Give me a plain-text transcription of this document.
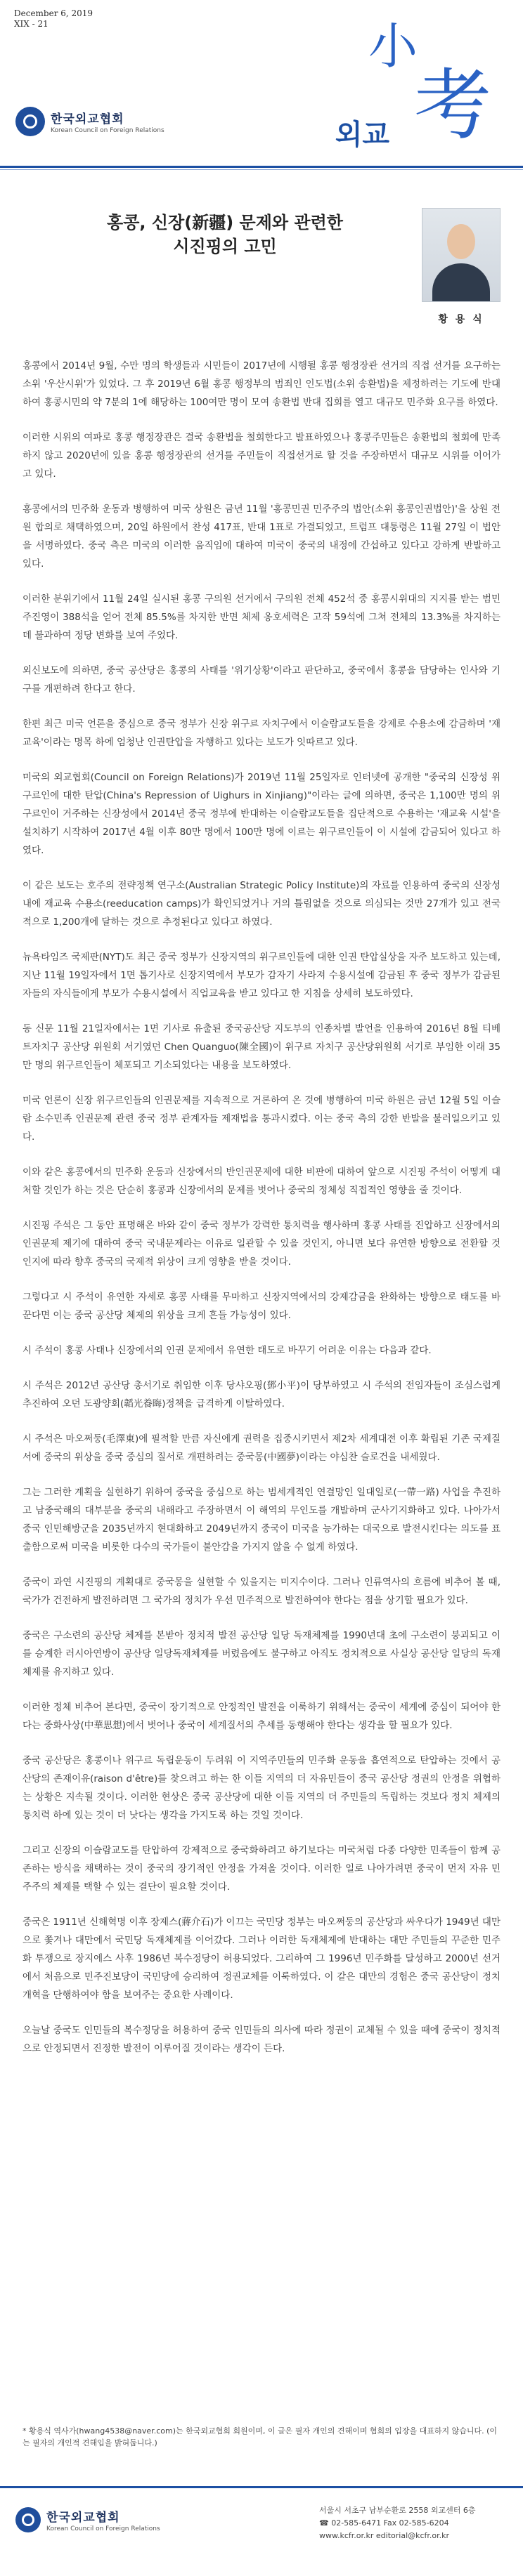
December 6, 2019
XIX - 21
한국외교협회
Korean Council on Foreign Relations
小
考
외교
홍콩, 신장(新疆) 문제와 관련한
시진핑의 고민
황 용 식

홍콩에서 2014년 9월, 수만 명의 학생들과 시민들이 2017년에 시행될 홍콩 행정장관 선거의 직접 선거를 요구하는 소위 '우산시위'가 있었다. 그 후 2019년 6월 홍콩 행정부의 범죄인 인도법(소위 송환법)을 제정하려는 기도에 반대하여 홍콩시민의 약 7분의 1에 해당하는 100여만 명이 모여 송환법 반대 집회를 열고 대규모 민주화 요구를 하였다.

이러한 시위의 여파로 홍콩 행정장관은 결국 송환법을 철회한다고 발표하였으나 홍콩주민들은 송환법의 철회에 만족하지 않고 2020년에 있을 홍콩 행정장관의 선거를 주민들이 직접선거로 할 것을 주장하면서 대규모 시위를 이어가고 있다.

홍콩에서의 민주화 운동과 병행하여 미국 상원은 금년 11월 '홍콩민권 민주주의 법안(소위 홍콩인권법안)'을 상원 전원 합의로 채택하였으며, 20일 하원에서 찬성 417표, 반대 1표로 가결되었고, 트럼프 대통령은 11월 27일 이 법안을 서명하였다. 중국 측은 미국의 이러한 움직임에 대하여 미국이 중국의 내정에 간섭하고 있다고 강하게 반발하고 있다.

이러한 분위기에서 11월 24일 실시된 홍콩 구의원 선거에서 구의원 전체 452석 중 홍콩시위대의 지지를 받는 범민주진영이 388석을 얻어 전체 85.5%를 차지한 반면 체제 옹호세력은 고작 59석에 그쳐 전체의 13.3%를 차지하는데 불과하여 정당 변화를 보여 주었다.

외신보도에 의하면, 중국 공산당은 홍콩의 사태를 '위기상황'이라고 판단하고, 중국에서 홍콩을 담당하는 인사와 기구를 개편하려 한다고 한다.

한편 최근 미국 언론을 중심으로 중국 정부가 신장 위구르 자치구에서 이슬람교도들을 강제로 수용소에 감금하며 '재교육'이라는 명목 하에 엄청난 인권탄압을 자행하고 있다는 보도가 잇따르고 있다.

미국의 외교협회(Council on Foreign Relations)가 2019년 11월 25일자로 인터넷에 공개한 "중국의 신장성 위구르인에 대한 탄압(China's Repression of Uighurs in Xinjiang)"이라는 글에 의하면, 중국은 1,100만 명의 위구르인이 거주하는 신장성에서 2014년 중국 정부에 반대하는 이슬람교도들을 집단적으로 수용하는 '재교육 시설'을 설치하기 시작하여 2017년 4월 이후 80만 명에서 100만 명에 이르는 위구르인들이 이 시설에 감금되어 있다고 하였다.

이 같은 보도는 호주의 전략정책 연구소(Australian Strategic Policy Institute)의 자료를 인용하여 중국의 신장성 내에 재교육 수용소(reeducation camps)가 확인되었거나 거의 틀림없을 것으로 의심되는 것만 27개가 있고 전국적으로 1,200개에 달하는 것으로 추정된다고 있다고 하였다.

뉴욕타임즈 국제판(NYT)도 최근 중국 정부가 신장지역의 위구르인들에 대한 인권 탄압실상을 자주 보도하고 있는데, 지난 11월 19일자에서 1면 톱기사로 신장지역에서 부모가 감자기 사라져 수용시설에 감금된 후 중국 정부가 감금된 자들의 자식들에게 부모가 수용시설에서 직업교육을 받고 있다고 한 지침을 상세히 보도하였다.

동 신문 11월 21일자에서는 1면 기사로 유출된 중국공산당 지도부의 인종차별 발언을 인용하여 2016년 8월 티베트자치구 공산당 위원회 서기였던 Chen Quanguo(陳全國)이 위구르 자치구 공산당위원회 서기로 부임한 이래 35만 명의 위구르인들이 체포되고 기소되었다는 내용을 보도하였다.

미국 언론이 신장 위구르인들의 인권문제를 지속적으로 거론하여 온 것에 병행하여 미국 하원은 금년 12월 5일 이슬람 소수민족 인권문제 관련 중국 정부 관계자들 제재법을 통과시켰다. 이는 중국 측의 강한 반발을 불러일으키고 있다.

이와 같은 홍콩에서의 민주화 운동과 신장에서의 반인권문제에 대한 비판에 대하여 앞으로 시진핑 주석이 어떻게 대처할 것인가 하는 것은 단순히 홍콩과 신장에서의 문제를 벗어나 중국의 정체성 직접적인 영향을 줄 것이다.

시진핑 주석은 그 동안 표명해온 바와 같이 중국 정부가 강력한 통치력을 행사하며 홍콩 사태를 진압하고 신장에서의 인권문제 제기에 대하여 중국 국내문제라는 이유로 일관할 수 있을 것인지, 아니면 보다 유연한 방향으로 전환할 것인지에 따라 향후 중국의 국제적 위상이 크게 영향을 받을 것이다.

그렇다고 시 주석이 유연한 자세로 홍콩 사태를 무마하고 신장지역에서의 강제감금을 완화하는 방향으로 태도를 바꾼다면 이는 중국 공산당 체제의 위상을 크게 흔들 가능성이 있다.

시 주석이 홍콩 사태나 신장에서의 인권 문제에서 유연한 태도로 바꾸기 어려운 이유는 다음과 같다.

시 주석은 2012년 공산당 총서기로 취임한 이후 당샤오핑(鄧小平)이 당부하였고 시 주석의 전임자들이 조심스럽게 추진하여 오던 도광양회(韜光養晦)정책을 급격하게 이탈하였다.

시 주석은 마오쩌둥(毛澤東)에 필적할 만큼 자신에게 권력을 집중시키면서 제2차 세계대전 이후 확립된 기존 국제질서에 중국의 위상을 중국 중심의 질서로 개편하려는 중국몽(中國夢)이라는 야심찬 슬로건을 내세웠다.

그는 그러한 계획을 실현하기 위하여 중국을 중심으로 하는 범세계적인 연결망인 일대일로(一帶一路) 사업을 추진하고 남중국해의 대부분을 중국의 내해라고 주장하면서 이 해역의 무인도를 개발하며 군사기지화하고 있다. 나아가서 중국 인민해방군을 2035년까지 현대화하고 2049년까지 중국이 미국을 능가하는 대국으로 발전시킨다는 의도를 표출함으로써 미국을 비롯한 다수의 국가들이 불안감을 가지지 않을 수 없게 하였다.

중국이 과연 시진핑의 계획대로 중국몽을 실현할 수 있을지는 미지수이다. 그러나 인류역사의 흐름에 비추어 볼 때, 국가가 건전하게 발전하려면 그 국가의 정치가 우선 민주적으로 발전하여야 한다는 점을 상기할 필요가 있다.

중국은 구소련의 공산당 체제를 본받아 정치적 발전 공산당 일당 독재체제를 1990년대 초에 구소련이 붕괴되고 이를 승계한 러시아연방이 공산당 일당독재체제를 버렸음에도 불구하고 아직도 정치적으로 사실상 공산당 일당의 독재체제를 유지하고 있다.

이러한 정체 비추어 본다면, 중국이 장기적으로 안정적인 발전을 이룩하기 위해서는 중국이 세계에 중심이 되어야 한다는 중화사상(中華思想)에서 벗어나 중국이 세계질서의 추세를 동행해야 한다는 생각을 할 필요가 있다.

중국 공산당은 홍콩이나 위구르 독립운동이 두려워 이 지역주민들의 민주화 운동을 흡연적으로 탄압하는 것에서 공산당의 존재이유(raison d'être)를 찾으려고 하는 한 이들 지역의 더 자유민들이 중국 공산당 정권의 안정을 위협하는 상황은 지속될 것이다. 이러한 현상은 중국 공산당에 대한 이들 지역의 더 주민들의 독립하는 것보다 정치 체제의 통치력 하에 있는 것이 더 낫다는 생각을 가지도록 하는 것일 것이다.

그리고 신장의 이슬람교도를 탄압하여 강제적으로 중국화하려고 하기보다는 미국처럼 다종 다양한 민족들이 함께 공존하는 방식을 채택하는 것이 중국의 장기적인 안정을 가져올 것이다. 이러한 일로 나아가려면 중국이 먼저 자유 민주주의 체제를 택할 수 있는 결단이 필요할 것이다.

중국은 1911년 신해혁명 이후 장제스(蔣介石)가 이끄는 국민당 정부는 마오쩌둥의 공산당과 싸우다가 1949년 대만으로 쫓겨나 대만에서 국민당 독재체제를 이어갔다. 그러나 이러한 독재체제에 반대하는 대만 주민들의 꾸준한 민주화 투쟁으로 장지에스 사후 1986년 복수정당이 허용되었다. 그리하여 그 1996년 민주화를 달성하고 2000년 선거에서 처음으로 민주진보당이 국민당에 승리하여 정권교체를 이룩하였다. 이 같은 대만의 경험은 중국 공산당이 정치개혁을 단행하여야 함을 보여주는 중요한 사례이다.

오늘날 중국도 인민들의 복수정당을 허용하여 중국 인민들의 의사에 따라 정권이 교체될 수 있을 때에 중국이 정치적으로 안정되면서 진정한 발전이 이루어질 것이라는 생각이 든다.

* 황용식 역사가(hwang4538@naver.com)는 한국외교협회 회원이며, 이 글은 필자 개인의 견해이며 협회의 입장을 대표하지 않습니다. (이는 필자의 개인적 견해입을 밝혀둡니다.)
한국외교협회
Korean Council on Foreign Relations
서울시 서초구 남부순환로 2558 외교센터 6층
☎ 02-585-6471 Fax 02-585-6204
www.kcfr.or.kr editorial@kcfr.or.kr
